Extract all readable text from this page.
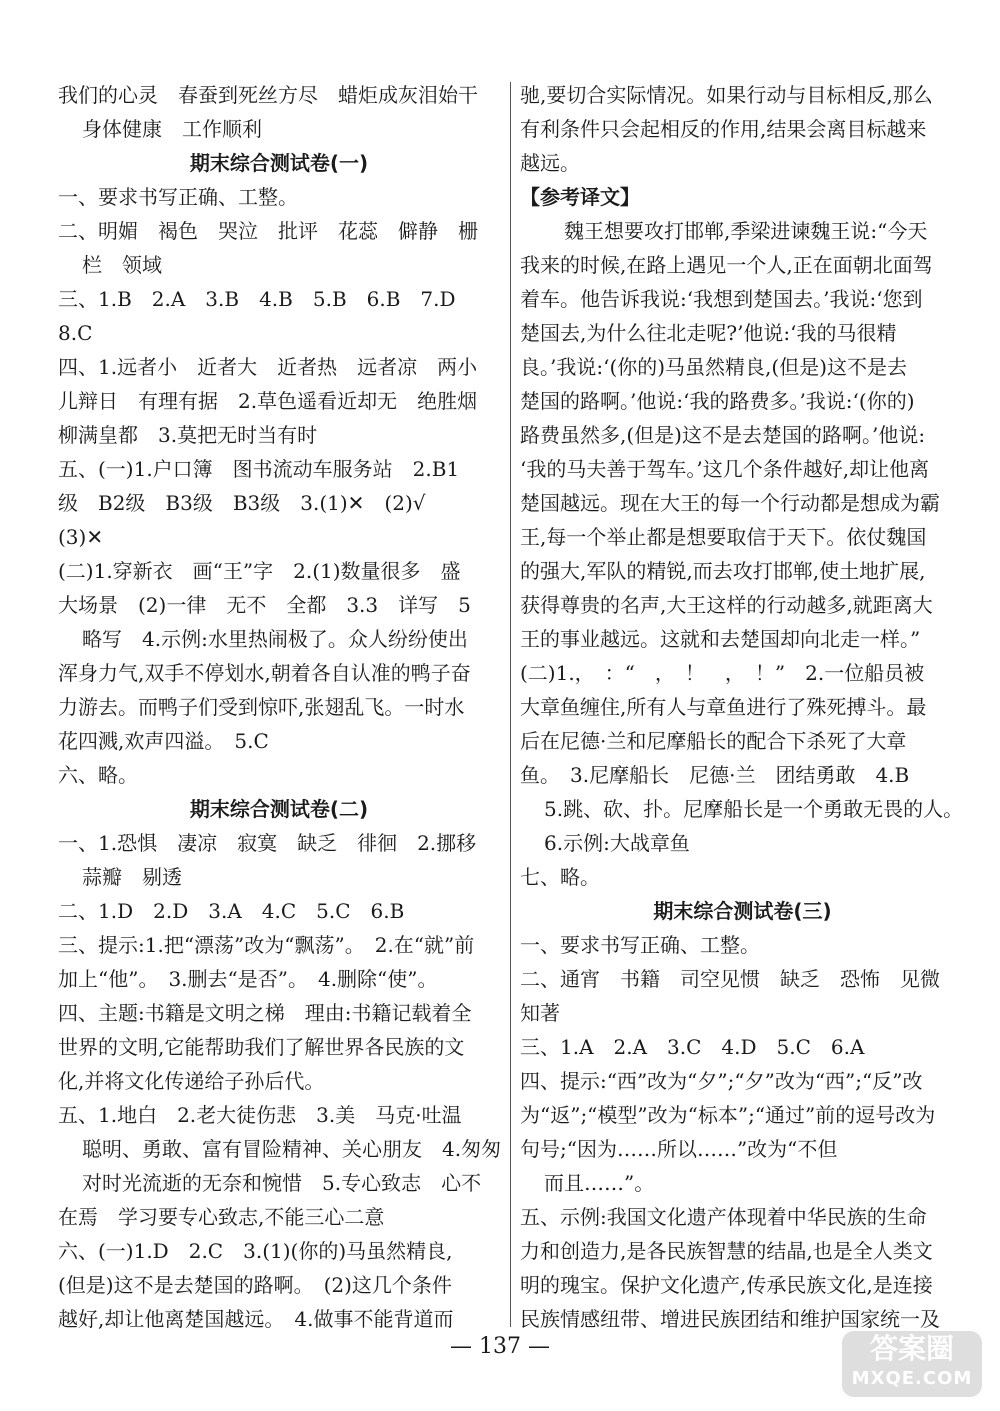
我们的心灵　春蚕到死丝方尽　蜡炬成灰泪始干
身体健康　工作顺利
期末综合测试卷(一)
一、要求书写正确、工整。
二、明媚　褐色　哭泣　批评　花蕊　僻静　栅
栏　领域
三、1.B　2.A　3.B　4.B　5.B　6.B　7.D
8.C
四、1.远者小　近者大　近者热　远者凉　两小
儿辩日　有理有据　2.草色遥看近却无　绝胜烟
柳满皇都　3.莫把无时当有时
五、(一)1.户口簿　图书流动车服务站　2.B1
级　B2级　B3级　B3级　3.(1)✕　(2)√
(3)✕
(二)1.穿新衣　画“王”字　2.(1)数量很多　盛
大场景　(2)一律　无不　全都　3.3　详写　5
略写　4.示例:水里热闹极了。众人纷纷使出
浑身力气,双手不停划水,朝着各自认准的鸭子奋
力游去。而鸭子们受到惊吓,张翅乱飞。一时水
花四溅,欢声四溢。　5.C
六、略。
期末综合测试卷(二)
一、1.恐惧　凄凉　寂寞　缺乏　徘徊　2.挪移
蒜瓣　剔透
二、1.D　2.D　3.A　4.C　5.C　6.B
三、提示:1.把“漂荡”改为“飘荡”。　2.在“就”前
加上“他”。　3.删去“是否”。　4.删除“使”。
四、主题:书籍是文明之梯　理由:书籍记载着全
世界的文明,它能帮助我们了解世界各民族的文
化,并将文化传递给子孙后代。
五、1.地白　2.老大徒伤悲　3.美　马克·吐温
聪明、勇敢、富有冒险精神、关心朋友　4.匆匆
对时光流逝的无奈和惋惜　5.专心致志　心不
在焉　学习要专心致志,不能三心二意
六、(一)1.D　2.C　3.(1)(你的)马虽然精良,
(但是)这不是去楚国的路啊。　(2)这几个条件
越好,却让他离楚国越远。　4.做事不能背道而
驰,要切合实际情况。如果行动与目标相反,那么
有利条件只会起相反的作用,结果会离目标越来
越远。
【参考译文】
魏王想要攻打邯郸,季梁进谏魏王说:“今天
我来的时候,在路上遇见一个人,正在面朝北面驾
着车。他告诉我说:‘我想到楚国去。’我说:‘您到
楚国去,为什么往北走呢?’他说:‘我的马很精
良。’我说:‘(你的)马虽然精良,(但是)这不是去
楚国的路啊。’他说:‘我的路费多。’我说:‘(你的)
路费虽然多,(但是)这不是去楚国的路啊。’他说:
‘我的马夫善于驾车。’这几个条件越好,却让他离
楚国越远。现在大王的每一个行动都是想成为霸
王,每一个举止都是想要取信于天下。依仗魏国
的强大,军队的精锐,而去攻打邯郸,使土地扩展,
获得尊贵的名声,大王这样的行动越多,就距离大
王的事业越远。这就和去楚国却向北走一样。”
(二)1.，　：“　，　！　，　！”　2.一位船员被
大章鱼缠住,所有人与章鱼进行了殊死搏斗。最
后在尼德·兰和尼摩船长的配合下杀死了大章
鱼。　3.尼摩船长　尼德·兰　团结勇敢　4.B
5.跳、砍、扑。尼摩船长是一个勇敢无畏的人。
6.示例:大战章鱼
七、略。
期末综合测试卷(三)
一、要求书写正确、工整。
二、通宵　书籍　司空见惯　缺乏　恐怖　见微
知著
三、1.A　2.A　3.C　4.D　5.C　6.A
四、提示:“西”改为“夕”;“夕”改为“西”;“反”改
为“返”;“模型”改为“标本”;“通过”前的逗号改为
句号;“因为……所以……”改为“不但
而且……”。
五、示例:我国文化遗产体现着中华民族的生命
力和创造力,是各民族智慧的结晶,也是全人类文
明的瑰宝。保护文化遗产,传承民族文化,是连接
民族情感纽带、增进民族团结和维护国家统一及
— 137 —	答案圈
MXQE.COM
